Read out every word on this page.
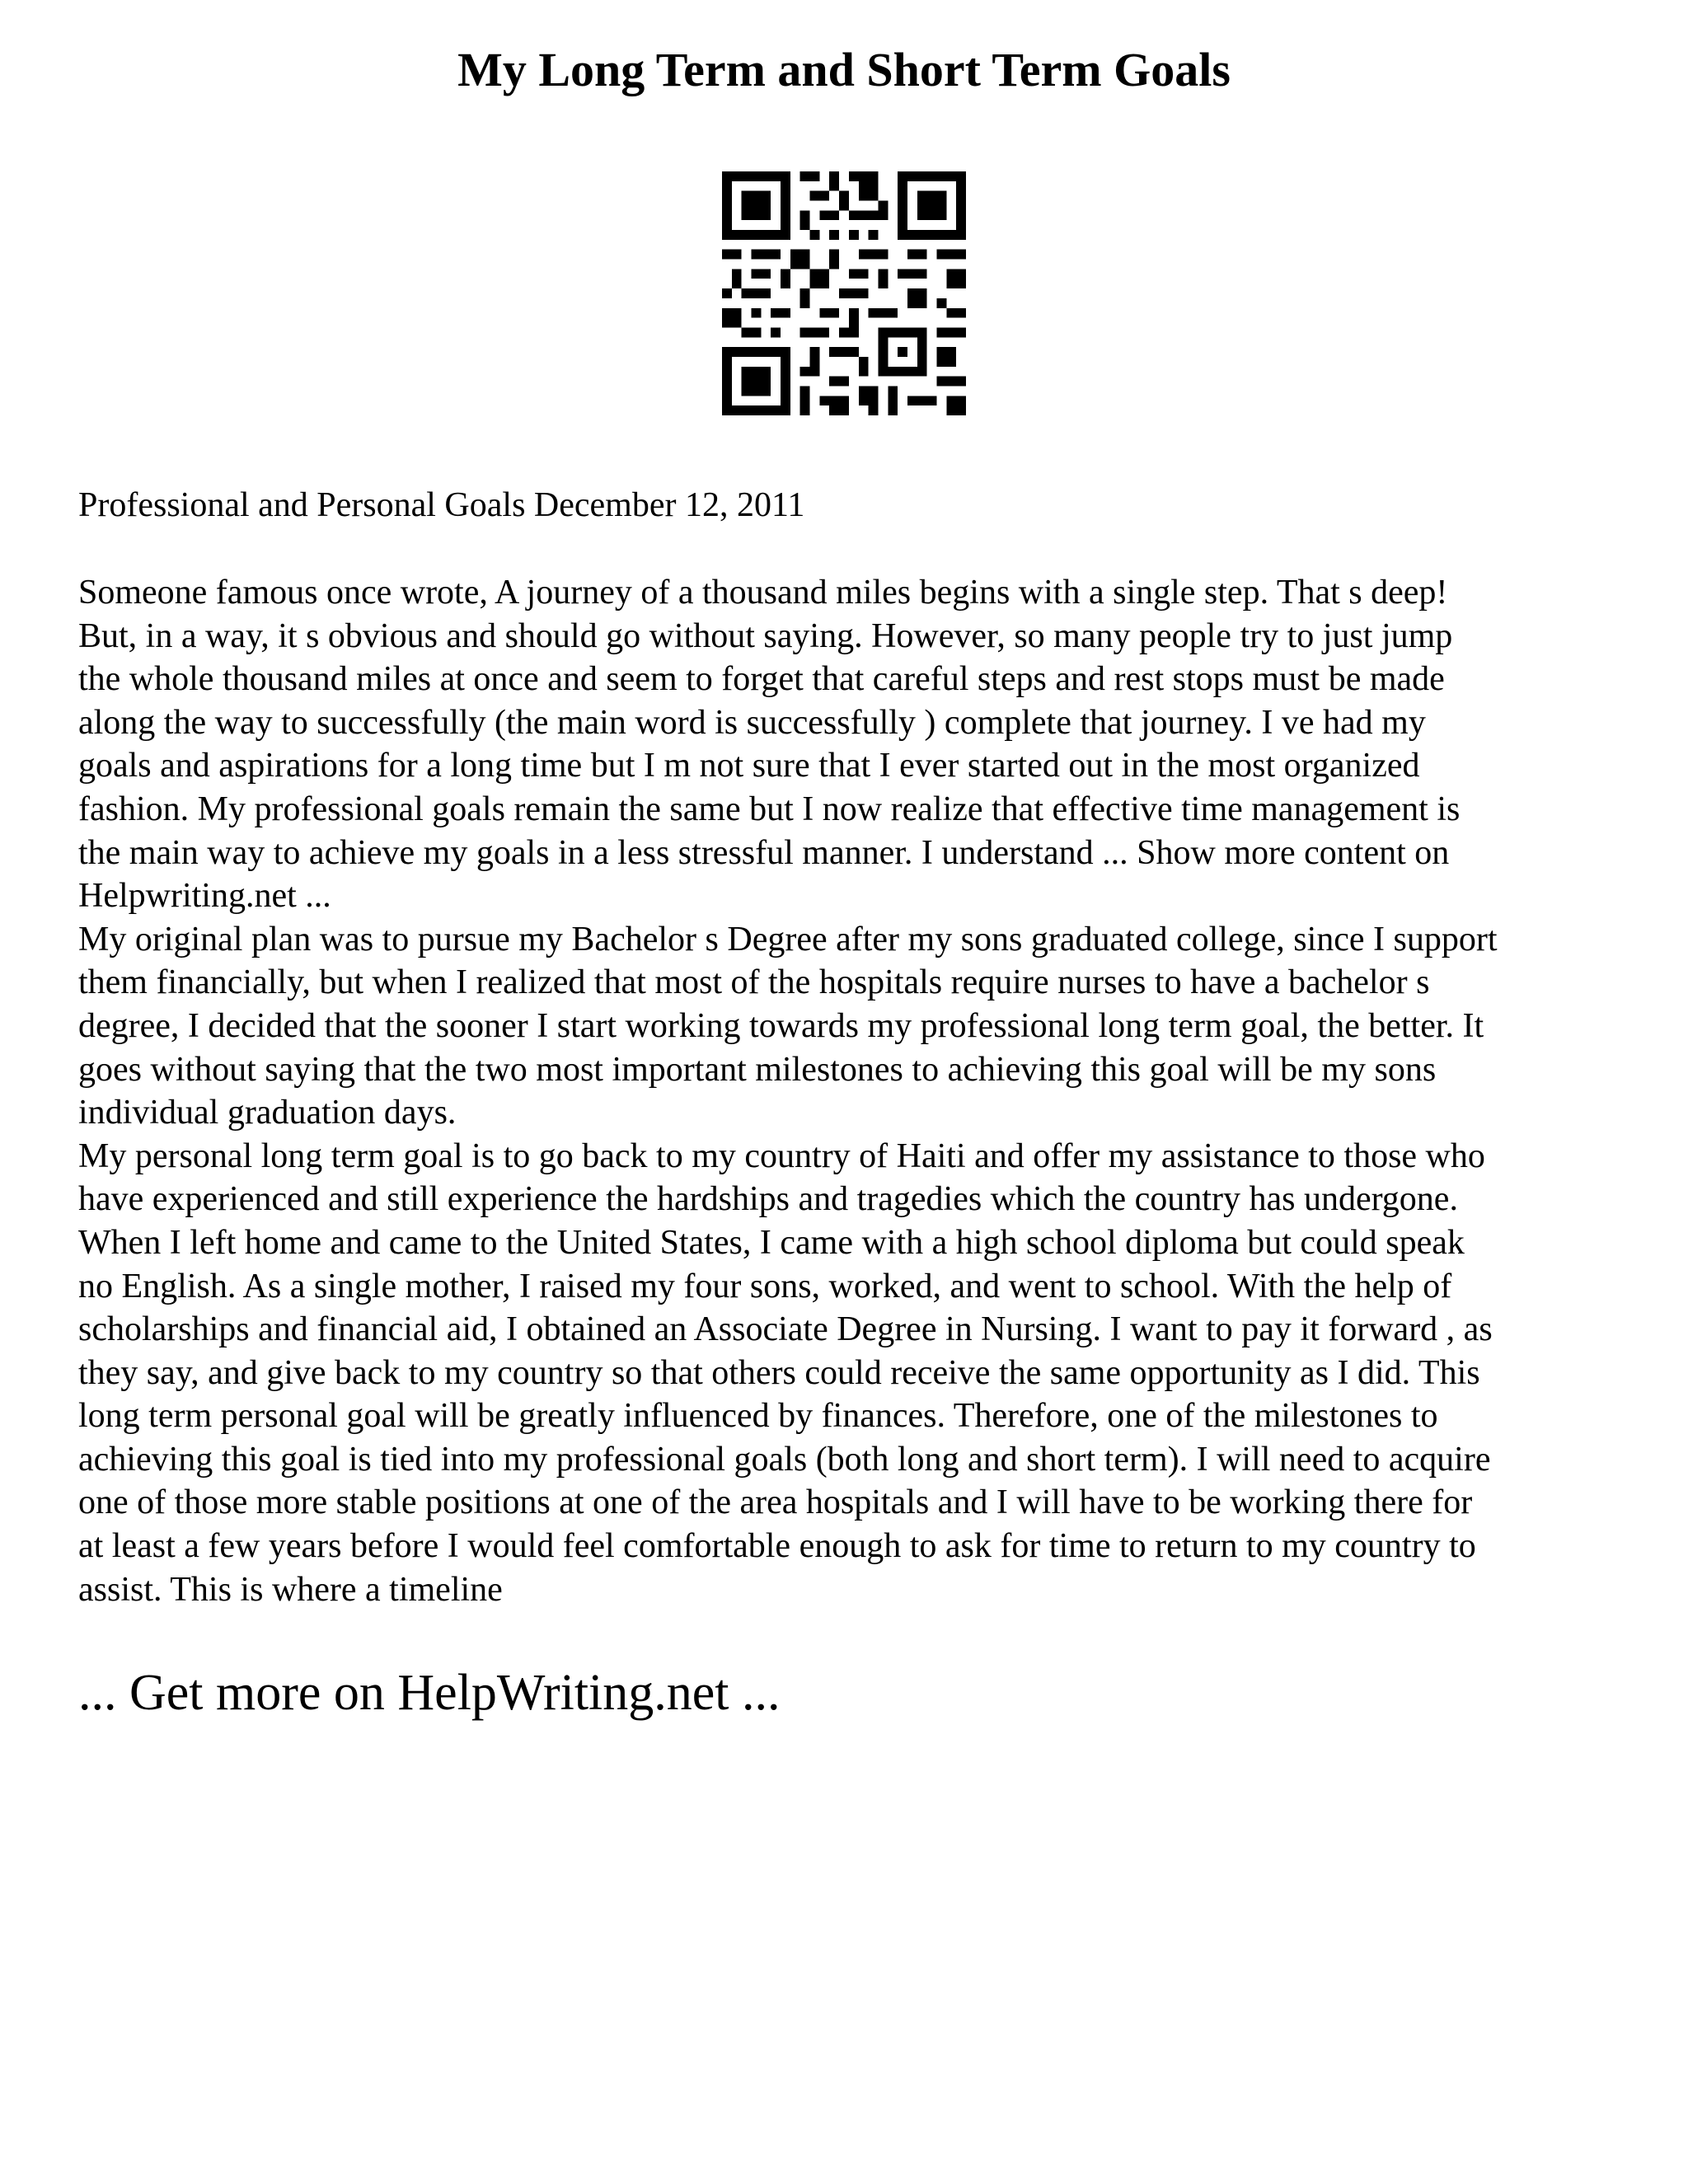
My Long Term and Short Term Goals

Professional and Personal Goals December 12, 2011

Someone famous once wrote, A journey of a thousand miles begins with a single step. That s deep!
But, in a way, it s obvious and should go without saying. However, so many people try to just jump
the whole thousand miles at once and seem to forget that careful steps and rest stops must be made
along the way to successfully (the main word is successfully ) complete that journey. I ve had my
goals and aspirations for a long time but I m not sure that I ever started out in the most organized
fashion. My professional goals remain the same but I now realize that effective time management is
the main way to achieve my goals in a less stressful manner. I understand ... Show more content on
Helpwriting.net ...

My original plan was to pursue my Bachelor s Degree after my sons graduated college, since I support
them financially, but when I realized that most of the hospitals require nurses to have a bachelor s
degree, I decided that the sooner I start working towards my professional long term goal, the better. It
goes without saying that the two most important milestones to achieving this goal will be my sons
individual graduation days.

My personal long term goal is to go back to my country of Haiti and offer my assistance to those who
have experienced and still experience the hardships and tragedies which the country has undergone.
When I left home and came to the United States, I came with a high school diploma but could speak
no English. As a single mother, I raised my four sons, worked, and went to school. With the help of
scholarships and financial aid, I obtained an Associate Degree in Nursing. I want to pay it forward , as
they say, and give back to my country so that others could receive the same opportunity as I did. This
long term personal goal will be greatly influenced by finances. Therefore, one of the milestones to
achieving this goal is tied into my professional goals (both long and short term). I will need to acquire
one of those more stable positions at one of the area hospitals and I will have to be working there for
at least a few years before I would feel comfortable enough to ask for time to return to my country to
assist. This is where a timeline

... Get more on HelpWriting.net ...
